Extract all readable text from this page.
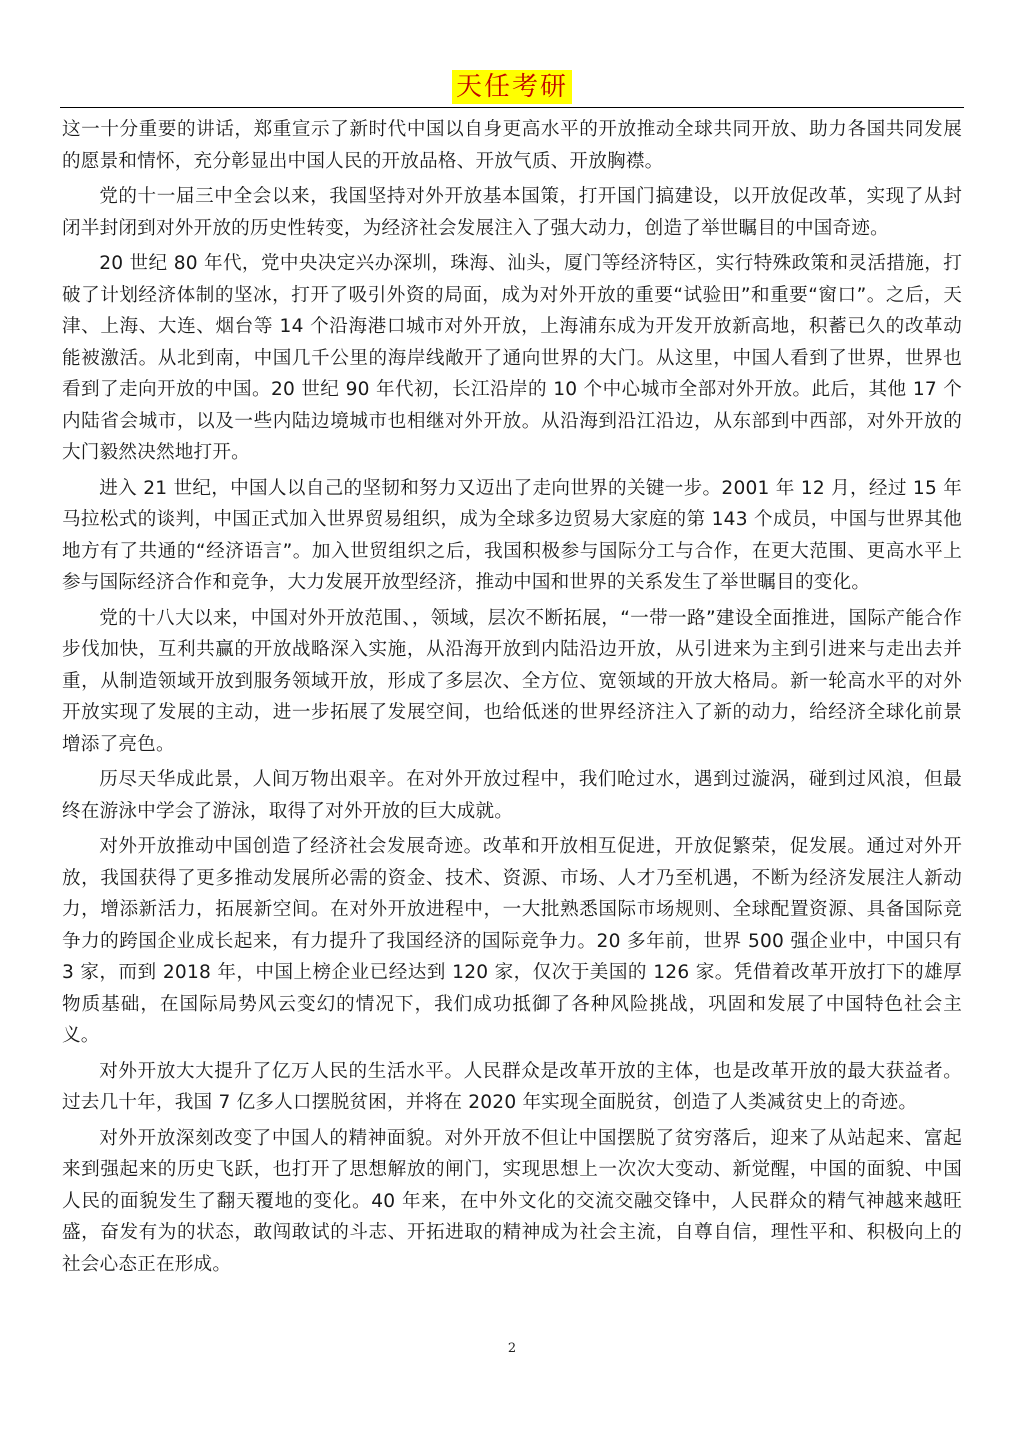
天任考研

这一十分重要的讲话，郑重宣示了新时代中国以自身更高水平的开放推动全球共同开放、助力各国共同发展的愿景和情怀，充分彰显出中国人民的开放品格、开放气质、开放胸襟。

党的十一届三中全会以来，我国坚持对外开放基本国策，打开国门搞建设，以开放促改革，实现了从封闭半封闭到对外开放的历史性转变，为经济社会发展注入了强大动力，创造了举世瞩目的中国奇迹。

20 世纪 80 年代，党中央决定兴办深圳，珠海、汕头，厦门等经济特区，实行特殊政策和灵活措施，打破了计划经济体制的坚冰，打开了吸引外资的局面，成为对外开放的重要“试验田”和重要“窗口”。之后，天津、上海、大连、烟台等 14 个沿海港口城市对外开放，上海浦东成为开发开放新高地，积蓄已久的改革动能被激活。从北到南，中国几千公里的海岸线敞开了通向世界的大门。从这里，中国人看到了世界，世界也看到了走向开放的中国。20 世纪 90 年代初，长江沿岸的 10 个中心城市全部对外开放。此后，其他 17 个内陆省会城市，以及一些内陆边境城市也相继对外开放。从沿海到沿江沿边，从东部到中西部，对外开放的大门毅然决然地打开。

进入 21 世纪，中国人以自己的坚韧和努力又迈出了走向世界的关键一步。2001 年 12 月，经过 15 年马拉松式的谈判，中国正式加入世界贸易组织，成为全球多边贸易大家庭的第 143 个成员，中国与世界其他地方有了共通的“经济语言”。加入世贸组织之后，我国积极参与国际分工与合作，在更大范围、更高水平上参与国际经济合作和竞争，大力发展开放型经济，推动中国和世界的关系发生了举世瞩目的变化。

党的十八大以来，中国对外开放范围、，领域，层次不断拓展，“一带一路”建设全面推进，国际产能合作步伐加快，互利共赢的开放战略深入实施，从沿海开放到内陆沿边开放，从引进来为主到引进来与走出去并重，从制造领域开放到服务领域开放，形成了多层次、全方位、宽领域的开放大格局。新一轮高水平的对外开放实现了发展的主动，进一步拓展了发展空间，也给低迷的世界经济注入了新的动力，给经济全球化前景增添了亮色。

历尽天华成此景，人间万物出艰辛。在对外开放过程中，我们呛过水，遇到过漩涡，碰到过风浪，但最终在游泳中学会了游泳，取得了对外开放的巨大成就。

对外开放推动中国创造了经济社会发展奇迹。改革和开放相互促进，开放促繁荣，促发展。通过对外开放，我国获得了更多推动发展所必需的资金、技术、资源、市场、人才乃至机遇，不断为经济发展注人新动力，增添新活力，拓展新空间。在对外开放进程中，一大批熟悉国际市场规则、全球配置资源、具备国际竞争力的跨国企业成长起来，有力提升了我国经济的国际竞争力。20 多年前，世界 500 强企业中，中国只有 3 家，而到 2018 年，中国上榜企业已经达到 120 家，仅次于美国的 126 家。凭借着改革开放打下的雄厚物质基础，在国际局势风云变幻的情况下，我们成功抵御了各种风险挑战，巩固和发展了中国特色社会主义。

对外开放大大提升了亿万人民的生活水平。人民群众是改革开放的主体，也是改革开放的最大获益者。过去几十年，我国 7 亿多人口摆脱贫困，并将在 2020 年实现全面脱贫，创造了人类减贫史上的奇迹。

对外开放深刻改变了中国人的精神面貌。对外开放不但让中国摆脱了贫穷落后，迎来了从站起来、富起来到强起来的历史飞跃，也打开了思想解放的闸门，实现思想上一次次大变动、新觉醒，中国的面貌、中国人民的面貌发生了翻天覆地的变化。40 年来，在中外文化的交流交融交锋中，人民群众的精气神越来越旺盛，奋发有为的状态，敢闯敢试的斗志、开拓进取的精神成为社会主流，自尊自信，理性平和、积极向上的社会心态正在形成。

2
